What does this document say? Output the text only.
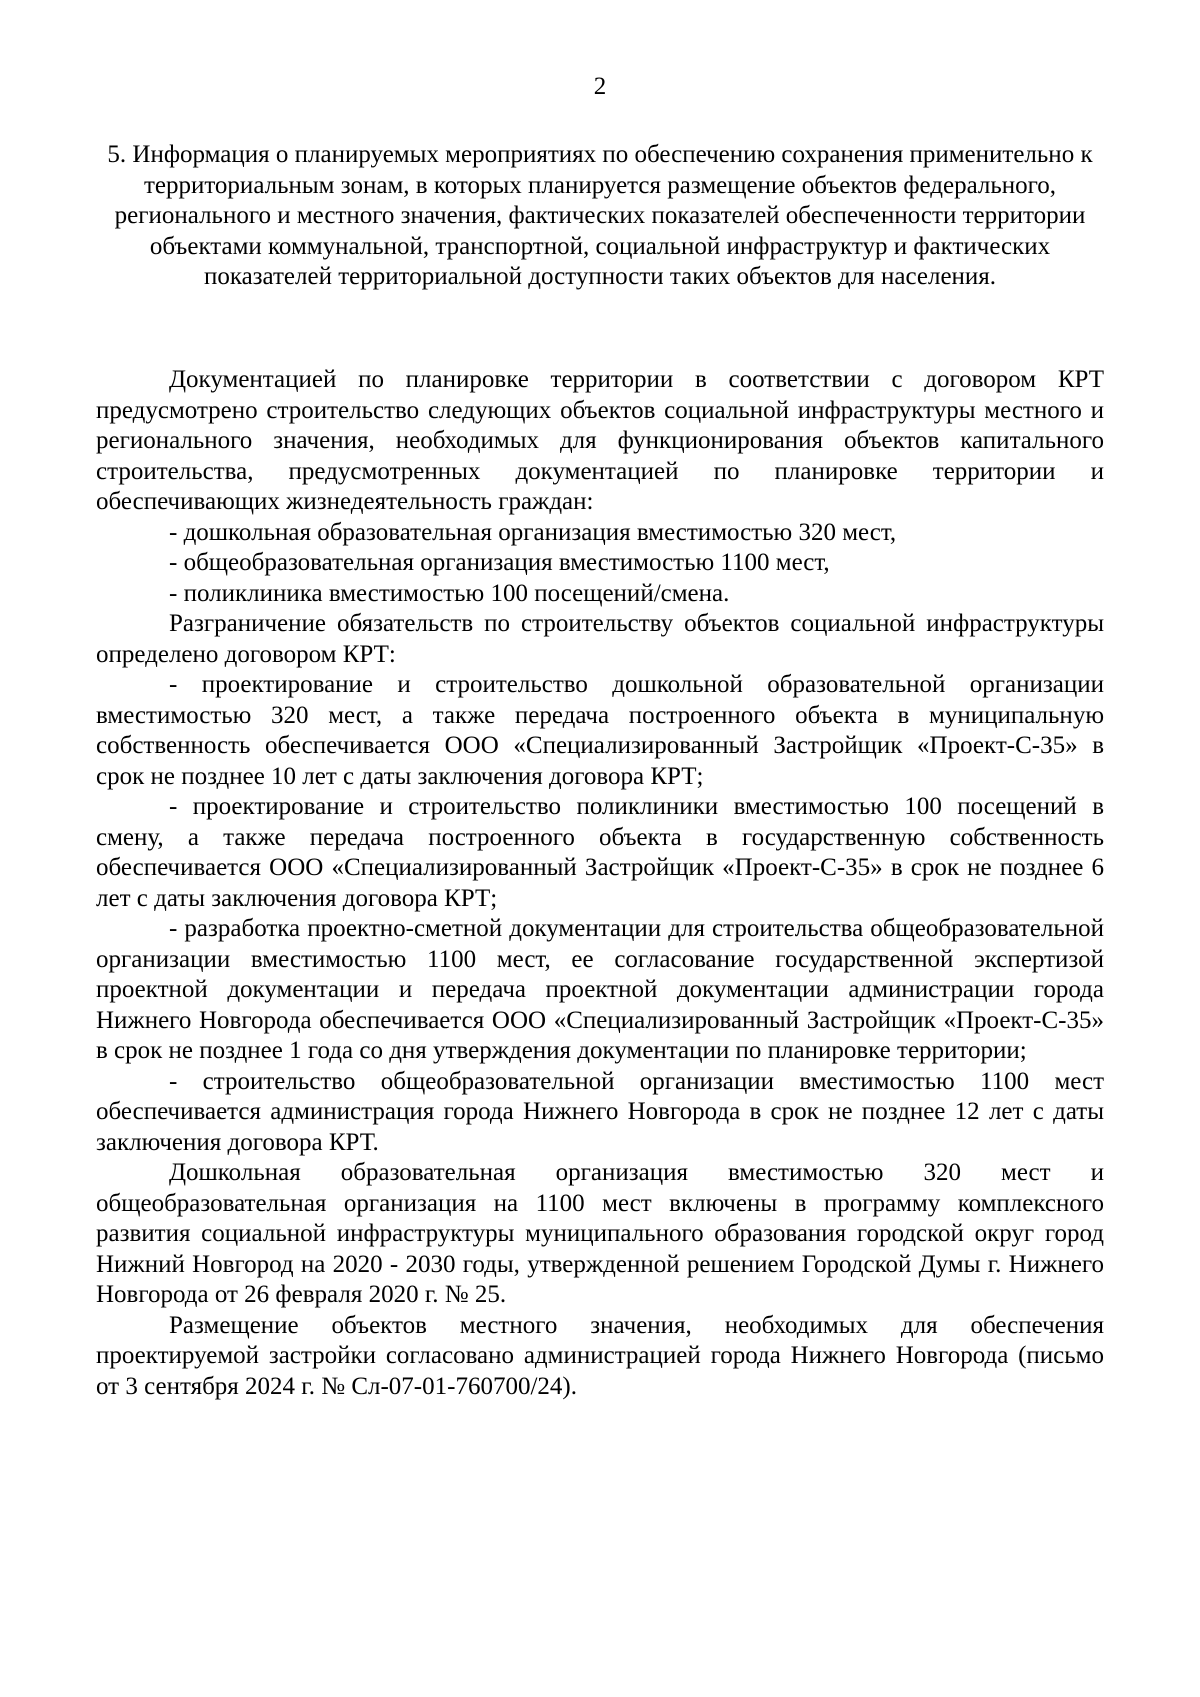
2
5. Информация о планируемых мероприятиях по обеспечению сохранения применительно к территориальным зонам, в которых планируется размещение объектов федерального, регионального и местного значения, фактических показателей обеспеченности территории объектами коммунальной, транспортной, социальной инфраструктур и фактических показателей территориальной доступности таких объектов для населения.

Документацией по планировке территории в соответствии с договором КРТ предусмотрено строительство следующих объектов социальной инфраструктуры местного и регионального значения, необходимых для функционирования объектов капитального строительства, предусмотренных документацией по планировке территории и обеспечивающих жизнедеятельность граждан:

- дошкольная образовательная организация вместимостью 320 мест,

- общеобразовательная организация вместимостью 1100 мест,

- поликлиника вместимостью 100 посещений/смена.

Разграничение обязательств по строительству объектов социальной инфраструктуры определено договором КРТ:

- проектирование и строительство дошкольной образовательной организации вместимостью 320 мест, а также передача построенного объекта в муниципальную собственность обеспечивается ООО «Специализированный Застройщик «Проект-С-35» в срок не позднее 10 лет с даты заключения договора КРТ;

- проектирование и строительство поликлиники вместимостью 100 посещений в смену, а также передача построенного объекта в государственную собственность обеспечивается ООО «Специализированный Застройщик «Проект-С-35» в срок не позднее 6 лет с даты заключения договора КРТ;

- разработка проектно-сметной документации для строительства общеобразовательной организации вместимостью 1100 мест, ее согласование государственной экспертизой проектной документации и передача проектной документации администрации города Нижнего Новгорода обеспечивается ООО «Специализированный Застройщик «Проект-С-35» в срок не позднее 1 года со дня утверждения документации по планировке территории;

- строительство общеобразовательной организации вместимостью 1100 мест обеспечивается администрация города Нижнего Новгорода в срок не позднее 12 лет с даты заключения договора КРТ.

Дошкольная образовательная организация вместимостью 320 мест и общеобразовательная организация на 1100 мест включены в программу комплексного развития социальной инфраструктуры муниципального образования городской округ город Нижний Новгород на 2020 - 2030 годы, утвержденной решением Городской Думы г. Нижнего Новгорода от 26 февраля 2020 г. № 25.

Размещение объектов местного значения, необходимых для обеспечения проектируемой застройки согласовано администрацией города Нижнего Новгорода (письмо от 3 сентября 2024 г. № Сл-07-01-760700/24).
